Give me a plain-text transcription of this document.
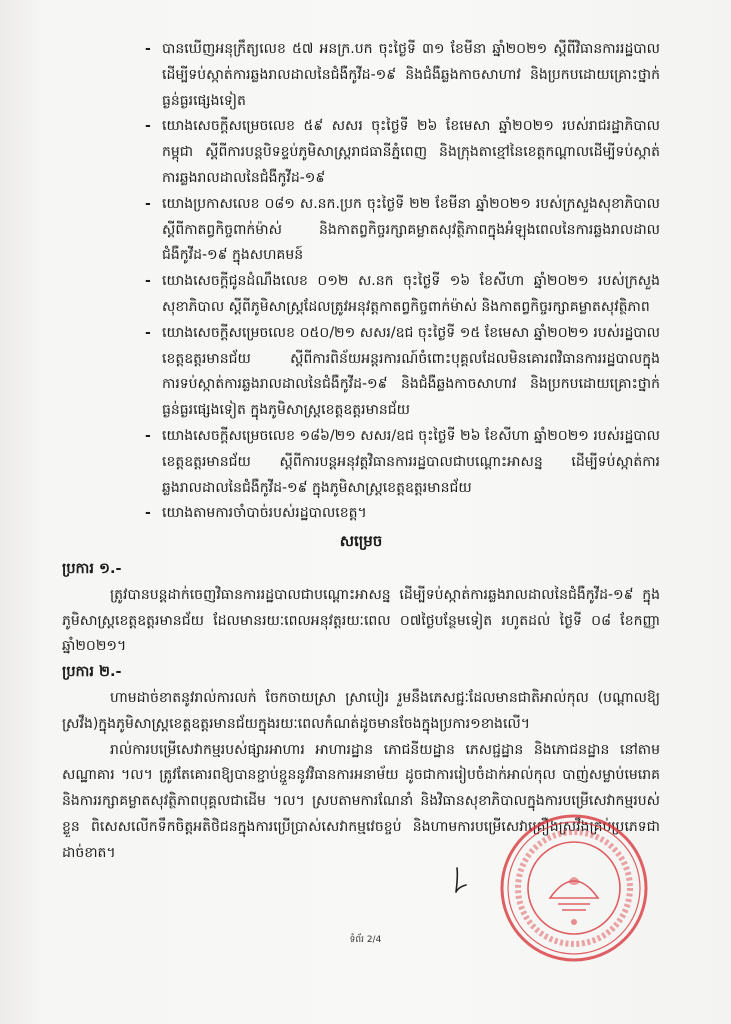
- បានឃើញអនុក្រឹត្យលេខ ៥៧ អនក្រ.បក ចុះថ្ងៃទី ៣១ ខែមីនា ឆ្នាំ២០២១ ស្តីពីវិធានការរដ្ឋបាលដើម្បីទប់ស្កាត់ការឆ្លងរាលដាលនៃជំងឺកូវីដ-១៩ និងជំងឺឆ្លងកាចសាហាវ និងប្រកបដោយគ្រោះថ្នាក់ធ្ងន់ធ្ងរផ្សេងទៀត
- យោងសេចក្តីសម្រេចលេខ ៥៩ សសរ ចុះថ្ងៃទី ២៦ ខែមេសា ឆ្នាំ២០២១ របស់រាជរដ្ឋាភិបាលកម្ពុជា ស្តីពីការបន្តបិទខ្ទប់ភូមិសាស្ត្ររាជធានីភ្នំពេញ និងក្រុងតាខ្មៅនៃខេត្តកណ្តាលដើម្បីទប់ស្កាត់ការឆ្លងរាលដាលនៃជំងឺកូវីដ-១៩
- យោងប្រកាសលេខ ០៨១ ស.នក.ប្រក ចុះថ្ងៃទី ២២ ខែមីនា ឆ្នាំ២០២១ របស់ក្រសួងសុខាភិបាល ស្តីពីកាតព្វកិច្ចពាក់ម៉ាស់ និងកាតព្វកិច្ចរក្សាគម្លាតសុវត្ថិភាពក្នុងអំឡុងពេលនៃការឆ្លងរាលដាលជំងឺកូវីដ-១៩ ក្នុងសហគមន៍
- យោងសេចក្តីជូនដំណឹងលេខ ០១២ ស.នក ចុះថ្ងៃទី ១៦ ខែសីហា ឆ្នាំ២០២១ របស់ក្រសួងសុខាភិបាល ស្តីពីភូមិសាស្ត្រដែលត្រូវអនុវត្តកាតព្វកិច្ចពាក់ម៉ាស់ និងកាតព្វកិច្ចរក្សាគម្លាតសុវត្ថិភាព
- យោងសេចក្តីសម្រេចលេខ ០៥០/២១ សសរ/ឧជ ចុះថ្ងៃទី ១៥ ខែមេសា ឆ្នាំ២០២១ របស់រដ្ឋបាលខេត្តឧត្តរមានជ័យ ស្តីពីការពិន័យអន្តរការណ៍ចំពោះបុគ្គលដែលមិនគោរពវិធានការរដ្ឋបាលក្នុងការទប់ស្កាត់ការឆ្លងរាលដាលនៃជំងឺកូវីដ-១៩ និងជំងឺឆ្លងកាចសាហាវ និងប្រកបដោយគ្រោះថ្នាក់ធ្ងន់ធ្ងរផ្សេងទៀត ក្នុងភូមិសាស្ត្រខេត្តឧត្តរមានជ័យ
- យោងសេចក្តីសម្រេចលេខ ១៨៦/២១ សសរ/ឧជ ចុះថ្ងៃទី ២៦ ខែសីហា ឆ្នាំ២០២១ របស់រដ្ឋបាលខេត្តឧត្តរមានជ័យ ស្តីពីការបន្តអនុវត្តវិធានការរដ្ឋបាលជាបណ្តោះអាសន្ន ដើម្បីទប់ស្កាត់ការឆ្លងរាលដាលនៃជំងឺកូវីដ-១៩ ក្នុងភូមិសាស្ត្រខេត្តឧត្តរមានជ័យ
- យោងតាមការចាំបាច់របស់រដ្ឋបាលខេត្ត។
សម្រេច
ប្រការ ១.-

ត្រូវបានបន្តដាក់ចេញវិធានការរដ្ឋបាលជាបណ្តោះអាសន្ន ដើម្បីទប់ស្កាត់ការឆ្លងរាលដាលនៃជំងឺកូវីដ-១៩ ក្នុងភូមិសាស្ត្រខេត្តឧត្តរមានជ័យ ដែលមានរយៈពេលអនុវត្តរយៈពេល ០៧ថ្ងៃបន្ថែមទៀត រហូតដល់ ថ្ងៃទី ០៨ ខែកញ្ញា ឆ្នាំ២០២១។

ប្រការ ២.-

ហាមដាច់ខាតនូវរាល់ការលក់ ចែកចាយស្រា ស្រាបៀរ រួមនឹងភេសជ្ជៈដែលមានជាតិអាល់កុល (បណ្តាលឱ្យស្រវឹង)ក្នុងភូមិសាស្ត្រខេត្តឧត្តរមានជ័យក្នុងរយៈពេលកំណត់ដូចមានចែងក្នុងប្រការ១ខាងលើ។

រាល់ការបម្រើសេវាកម្មរបស់ផ្សារអាហារ អាហារដ្ឋាន ភោជនីយដ្ឋាន ភេសជ្ជដ្ឋាន និងភោជនដ្ឋាន នៅតាមសណ្ឋាគារ ។ល។ ត្រូវតែគោរពឱ្យបានខ្ជាប់ខ្ជួននូវវិធានការអនាម័យ ដូចជាការរៀបចំដាក់អាល់កុល បាញ់សម្លាប់មេរោគ និងការរក្សាគម្លាតសុវត្ថិភាពបុគ្គលជាដើម ។ល។ ស្របតាមការណែនាំ និងវិធានសុខាភិបាលក្នុងការបម្រើសេវាកម្មរបស់ខ្លួន ពិសេសលើកទឹកចិត្តអតិថិជនក្នុងការប្រើប្រាស់សេវាកម្មវេចខ្ចប់ និងហាមការបម្រើសេវាគ្រឿងស្រវឹងគ្រប់ប្រភេទជាដាច់ខាត។

ទំព័រ 2/4
